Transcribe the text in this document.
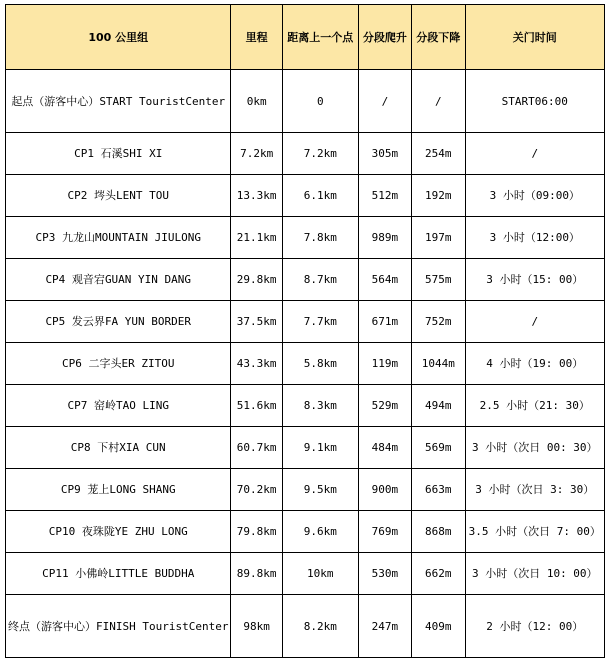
100 公里组	里程	距离上一个点	分段爬升	分段下降	关门时间
起点（游客中心）START TouristCenter	0km	0	/	/	START06:00
CP1 石溪SHI XI	7.2km	7.2km	305m	254m	/
CP2 埁头LENT TOU	13.3km	6.1km	512m	192m	3 小时（09:00）
CP3 九龙山MOUNTAIN JIULONG	21.1km	7.8km	989m	197m	3 小时（12:00）
CP4 观音宕GUAN YIN DANG	29.8km	8.7km	564m	575m	3 小时（15: 00）
CP5 发云界FA YUN BORDER	37.5km	7.7km	671m	752m	/
CP6 二字头ER ZITOU	43.3km	5.8km	119m	1044m	4 小时（19: 00）
CP7 窑岭TAO LING	51.6km	8.3km	529m	494m	2.5 小时（21: 30）
CP8 下村XIA CUN	60.7km	9.1km	484m	569m	3 小时（次日 00: 30）
CP9 茏上LONG SHANG	70.2km	9.5km	900m	663m	3 小时（次日 3: 30）
CP10 夜珠陇YE ZHU LONG	79.8km	9.6km	769m	868m	3.5 小时（次日 7: 00）
CP11 小佛岭LITTLE BUDDHA	89.8km	10km	530m	662m	3 小时（次日 10: 00）
终点（游客中心）FINISH TouristCenter	98km	8.2km	247m	409m	2 小时（12: 00）
